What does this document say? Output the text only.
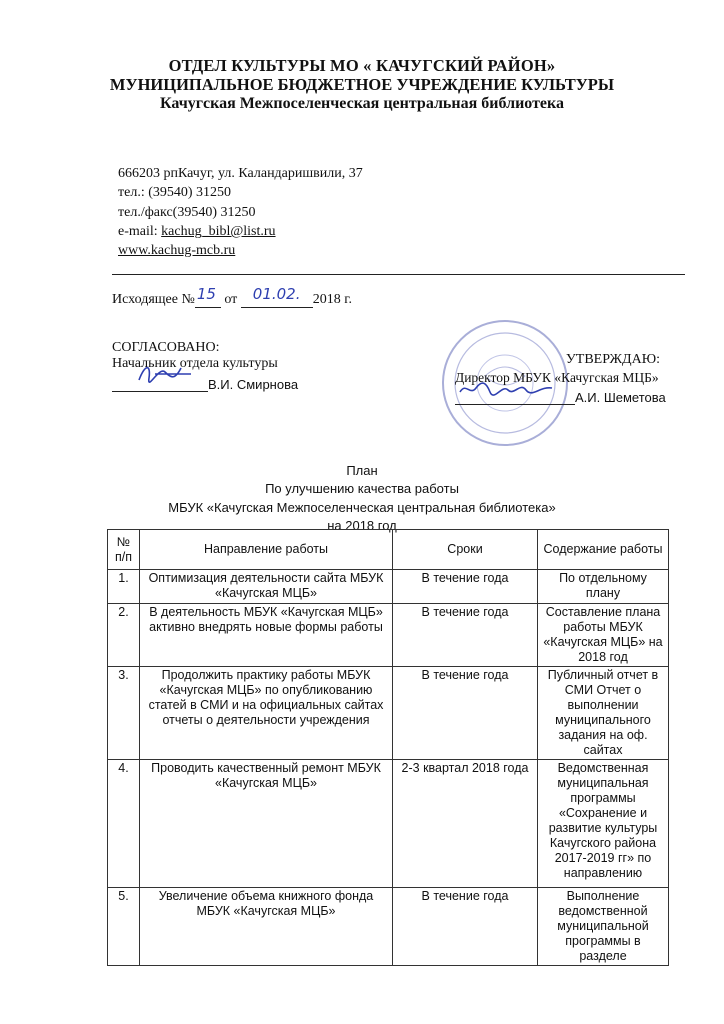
ОТДЕЛ КУЛЬТУРЫ МО « КАЧУГСКИЙ РАЙОН»
МУНИЦИПАЛЬНОЕ БЮДЖЕТНОЕ УЧРЕЖДЕНИЕ КУЛЬТУРЫ
Качугская Межпоселенческая центральная библиотека
666203 рпКачуг, ул. Каландаришвили, 37
тел.: (39540) 31250
тел./факс(39540) 31250
e-mail: kachug_bibl@list.ru
www.kachug-mcb.ru
Исходящее № 15 от 01.02. 2018 г.
СОГЛАСОВАНО:
Начальник отдела культуры
В.И. Смирнова
УТВЕРЖДАЮ:
Директор МБУК «Качугская МЦБ»
А.И. Шеметова
План
По улучшению качества работы
МБУК «Качугская Межпоселенческая центральная библиотека»
на 2018 год
№ п/п	Направление работы	Сроки	Содержание работы
1.	Оптимизация деятельности сайта МБУК «Качугская МЦБ»	В течение года	По отдельному плану
2.	В деятельность МБУК «Качугская МЦБ» активно внедрять новые формы работы	В течение года	Составление плана работы МБУК «Качугская МЦБ» на 2018 год
3.	Продолжить практику работы МБУК «Качугская МЦБ» по опубликованию статей в СМИ и на официальных сайтах отчеты о деятельности учреждения	В течение года	Публичный отчет в СМИ Отчет о выполнении муниципального задания на оф. сайтах
4.	Проводить качественный ремонт МБУК «Качугская МЦБ»	2-3 квартал 2018 года	Ведомственная муниципальная программы «Сохранение и развитие культуры Качугского района 2017-2019 гг» по направлению
5.	Увеличение объема книжного фонда МБУК «Качугская МЦБ»	В течение года	Выполнение ведомственной муниципальной программы в разделе
